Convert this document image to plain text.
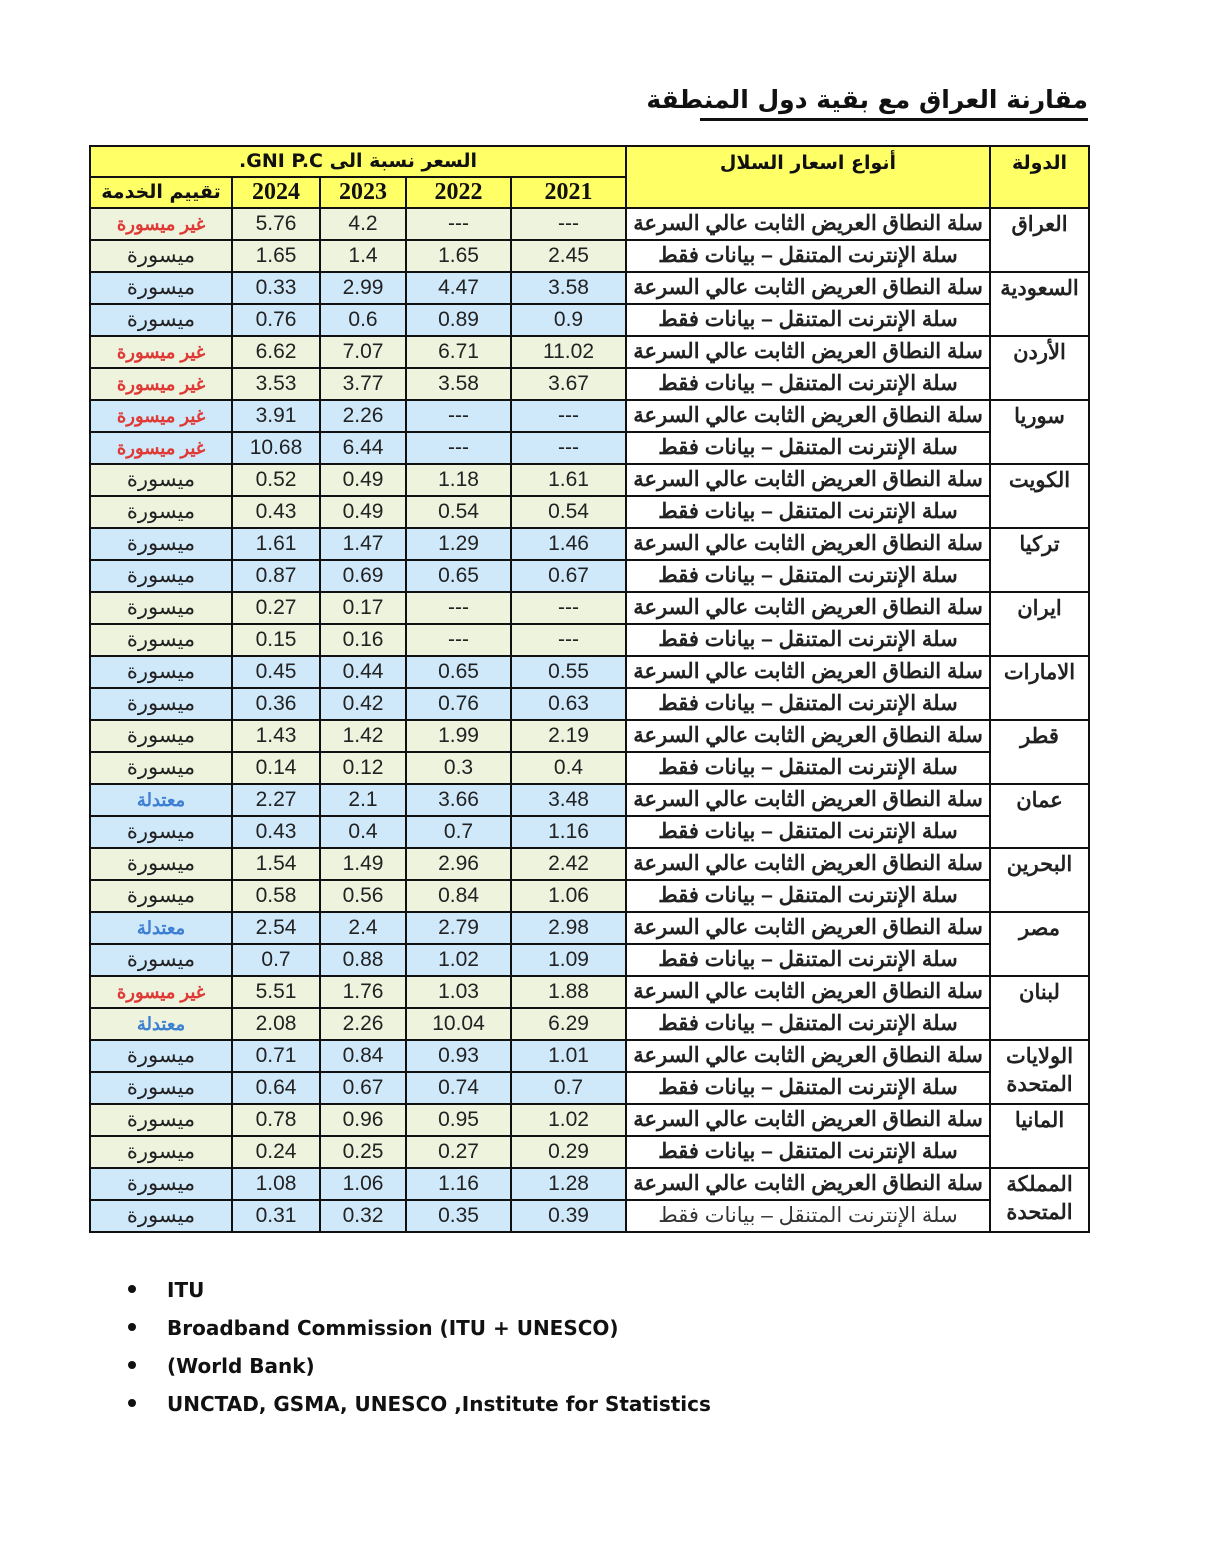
مقارنة العراق مع بقية دول المنطقة
السعر نسبة الى GNI P.C.					أنواع اسعار السلال	الدولة
تقييم الخدمة	2024	2023	2022	2021		
غير ميسورة	5.76	4.2	---	---	سلة النطاق العريض الثابت عالي السرعة	العراق
ميسورة	1.65	1.4	1.65	2.45	سلة الإنترنت المتنقل – بيانات فقط	
ميسورة	0.33	2.99	4.47	3.58	سلة النطاق العريض الثابت عالي السرعة	السعودية
ميسورة	0.76	0.6	0.89	0.9	سلة الإنترنت المتنقل – بيانات فقط	
غير ميسورة	6.62	7.07	6.71	11.02	سلة النطاق العريض الثابت عالي السرعة	الأردن
غير ميسورة	3.53	3.77	3.58	3.67	سلة الإنترنت المتنقل – بيانات فقط	
غير ميسورة	3.91	2.26	---	---	سلة النطاق العريض الثابت عالي السرعة	سوريا
غير ميسورة	10.68	6.44	---	---	سلة الإنترنت المتنقل – بيانات فقط	
ميسورة	0.52	0.49	1.18	1.61	سلة النطاق العريض الثابت عالي السرعة	الكويت
ميسورة	0.43	0.49	0.54	0.54	سلة الإنترنت المتنقل – بيانات فقط	
ميسورة	1.61	1.47	1.29	1.46	سلة النطاق العريض الثابت عالي السرعة	تركيا
ميسورة	0.87	0.69	0.65	0.67	سلة الإنترنت المتنقل – بيانات فقط	
ميسورة	0.27	0.17	---	---	سلة النطاق العريض الثابت عالي السرعة	ايران
ميسورة	0.15	0.16	---	---	سلة الإنترنت المتنقل – بيانات فقط	
ميسورة	0.45	0.44	0.65	0.55	سلة النطاق العريض الثابت عالي السرعة	الامارات
ميسورة	0.36	0.42	0.76	0.63	سلة الإنترنت المتنقل – بيانات فقط	
ميسورة	1.43	1.42	1.99	2.19	سلة النطاق العريض الثابت عالي السرعة	قطر
ميسورة	0.14	0.12	0.3	0.4	سلة الإنترنت المتنقل – بيانات فقط	
معتدلة	2.27	2.1	3.66	3.48	سلة النطاق العريض الثابت عالي السرعة	عمان
ميسورة	0.43	0.4	0.7	1.16	سلة الإنترنت المتنقل – بيانات فقط	
ميسورة	1.54	1.49	2.96	2.42	سلة النطاق العريض الثابت عالي السرعة	البحرين
ميسورة	0.58	0.56	0.84	1.06	سلة الإنترنت المتنقل – بيانات فقط	
معتدلة	2.54	2.4	2.79	2.98	سلة النطاق العريض الثابت عالي السرعة	مصر
ميسورة	0.7	0.88	1.02	1.09	سلة الإنترنت المتنقل – بيانات فقط	
غير ميسورة	5.51	1.76	1.03	1.88	سلة النطاق العريض الثابت عالي السرعة	لبنان
معتدلة	2.08	2.26	10.04	6.29	سلة الإنترنت المتنقل – بيانات فقط	
ميسورة	0.71	0.84	0.93	1.01	سلة النطاق العريض الثابت عالي السرعة	الولايات المتحدة
ميسورة	0.64	0.67	0.74	0.7	سلة الإنترنت المتنقل – بيانات فقط	
ميسورة	0.78	0.96	0.95	1.02	سلة النطاق العريض الثابت عالي السرعة	المانيا
ميسورة	0.24	0.25	0.27	0.29	سلة الإنترنت المتنقل – بيانات فقط	
ميسورة	1.08	1.06	1.16	1.28	سلة النطاق العريض الثابت عالي السرعة	المملكة المتحدة
ميسورة	0.31	0.32	0.35	0.39	سلة الإنترنت المتنقل – بيانات فقط	
ITU
Broadband Commission (ITU + UNESCO)
(World Bank)
UNCTAD, GSMA, UNESCO ,Institute for Statistics
